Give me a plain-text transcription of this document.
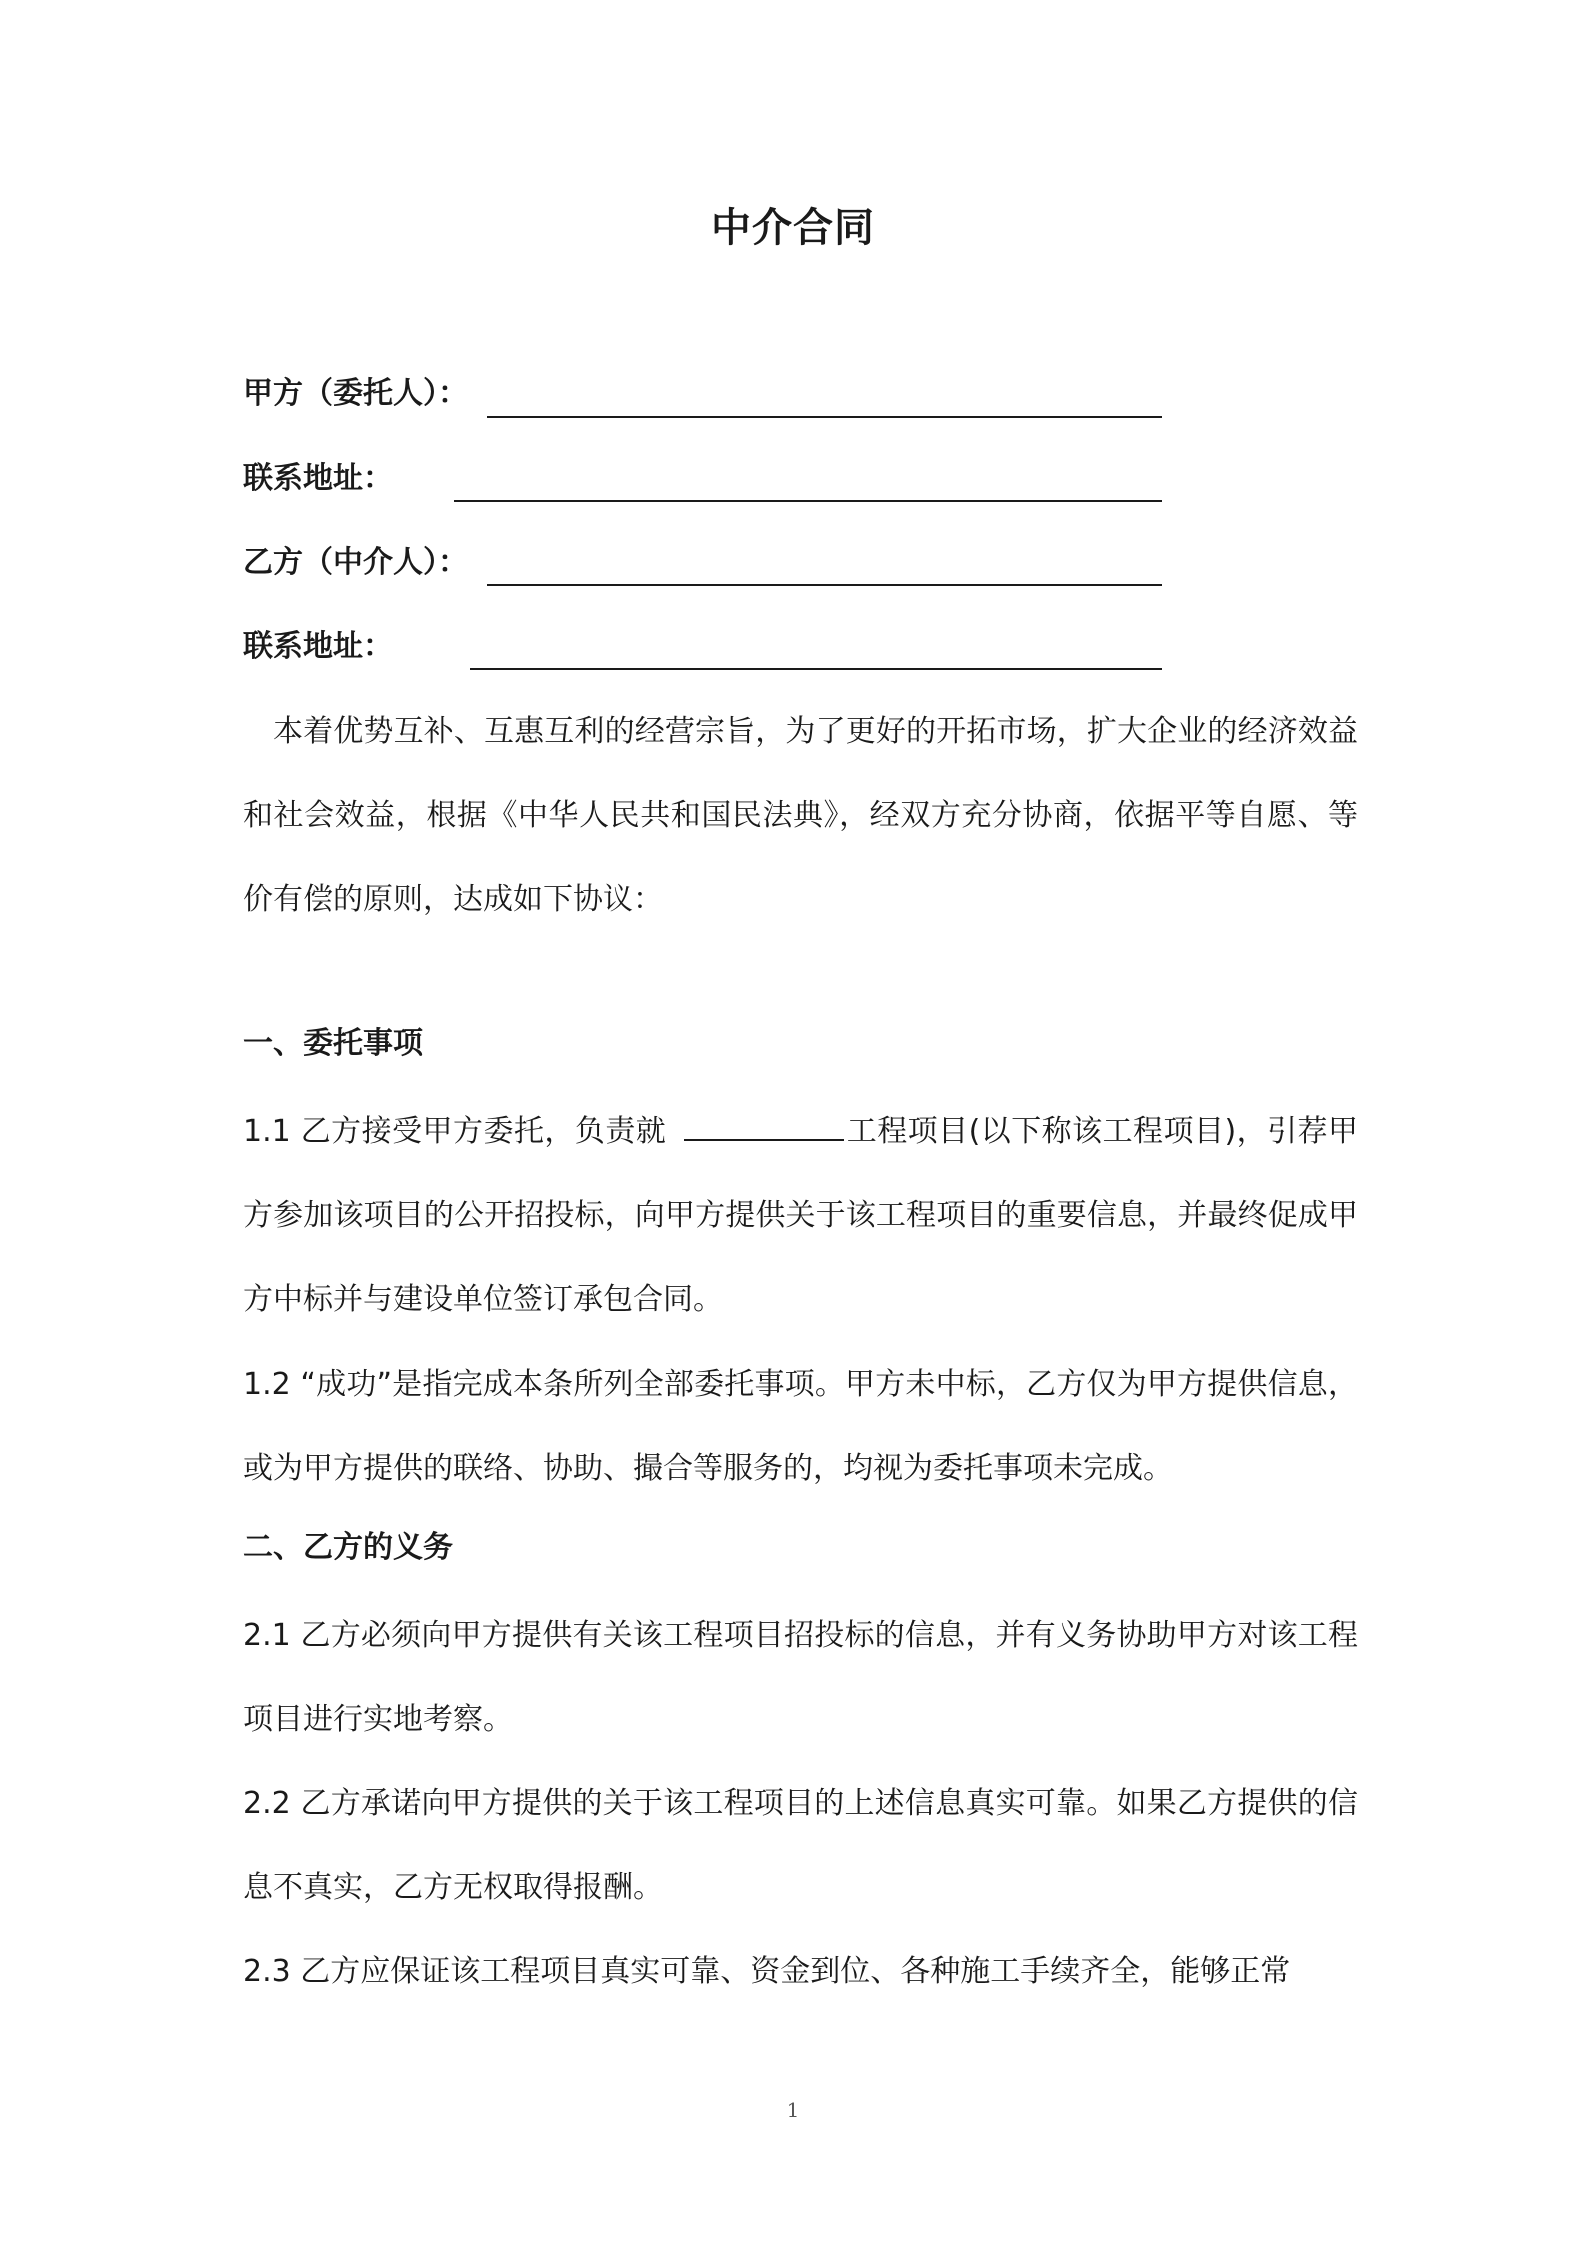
中介合同
甲方（委托人）：
联系地址：
乙方（中介人）：
联系地址：
本着优势互补、互惠互利的经营宗旨，为了更好的开拓市场，扩大企业的经济效益和社会效益，根据《中华人民共和国民法典》，经双方充分协商，依据平等自愿、等价有偿的原则，达成如下协议：
一、委托事项
1.1 乙方接受甲方委托，负责就	工程项目(以下称该工程项目)，引荐甲方参加该项目的公开招投标，向甲方提供关于该工程项目的重要信息，并最终促成甲方中标并与建设单位签订承包合同。
1.2 “成功”是指完成本条所列全部委托事项。甲方未中标，乙方仅为甲方提供信息，或为甲方提供的联络、协助、撮合等服务的，均视为委托事项未完成。
二、乙方的义务
2.1 乙方必须向甲方提供有关该工程项目招投标的信息，并有义务协助甲方对该工程项目进行实地考察。
2.2 乙方承诺向甲方提供的关于该工程项目的上述信息真实可靠。如果乙方提供的信息不真实，乙方无权取得报酬。
2.3 乙方应保证该工程项目真实可靠、资金到位、各种施工手续齐全，能够正常
1
